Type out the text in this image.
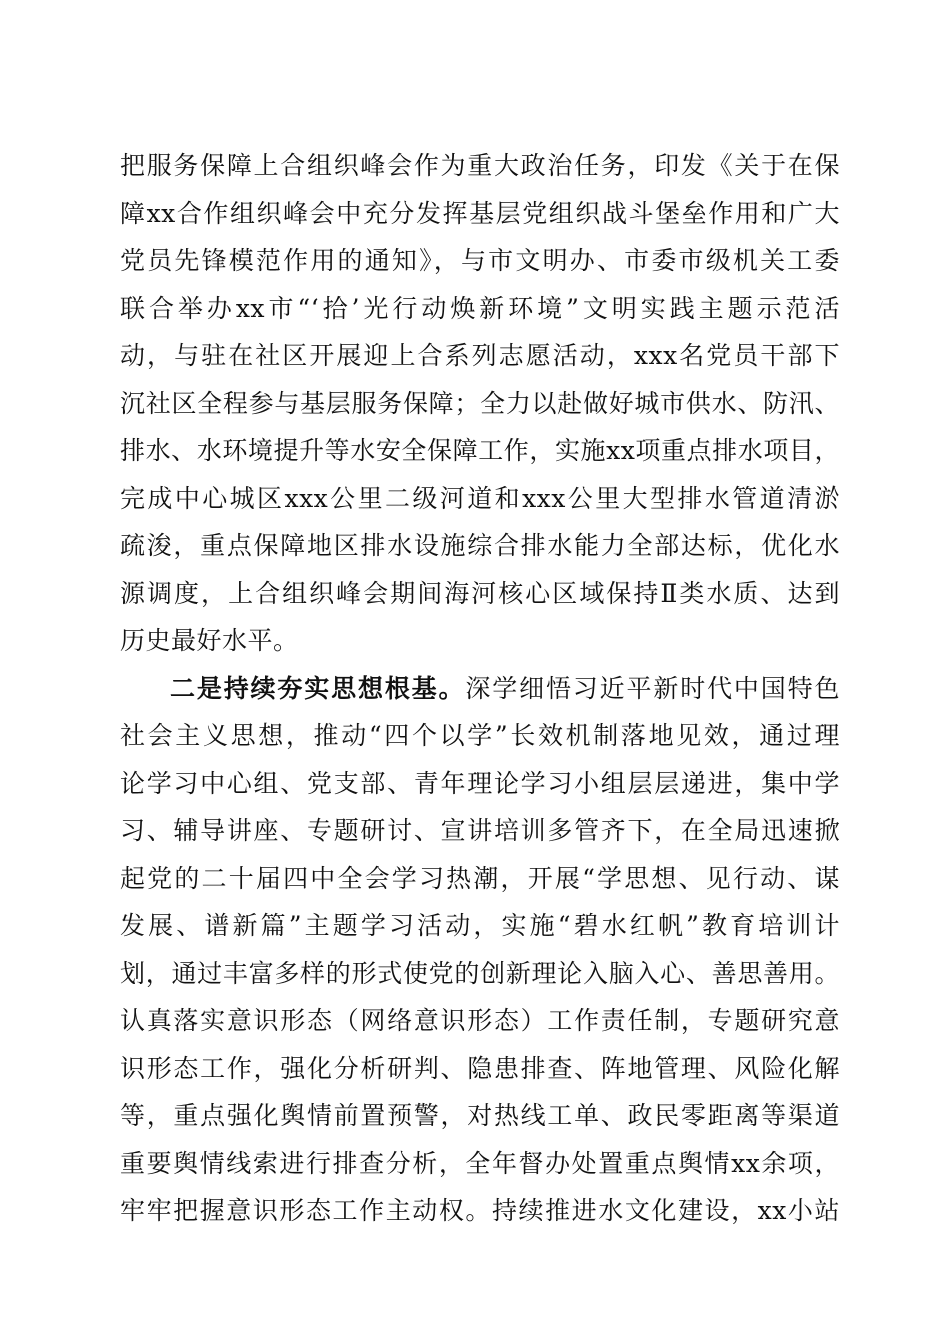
把服务保障上合组织峰会作为重大政治任务，印发《关于在保
障xx合作组织峰会中充分发挥基层党组织战斗堡垒作用和广大
党员先锋模范作用的通知》，与市文明办、市委市级机关工委
联合举办xx市“‘拾’光行动焕新环境”文明实践主题示范活
动，与驻在社区开展迎上合系列志愿活动，xxx名党员干部下
沉社区全程参与基层服务保障；全力以赴做好城市供水、防汛、
排水、水环境提升等水安全保障工作，实施xx项重点排水项目，
完成中心城区xxx公里二级河道和xxx公里大型排水管道清淤
疏浚，重点保障地区排水设施综合排水能力全部达标，优化水
源调度，上合组织峰会期间海河核心区域保持Ⅱ类水质、达到
历史最好水平。
二是持续夯实思想根基。深学细悟习近平新时代中国特色
社会主义思想，推动“四个以学”长效机制落地见效，通过理
论学习中心组、党支部、青年理论学习小组层层递进，集中学
习、辅导讲座、专题研讨、宣讲培训多管齐下，在全局迅速掀
起党的二十届四中全会学习热潮，开展“学思想、见行动、谋
发展、谱新篇”主题学习活动，实施“碧水红帆”教育培训计
划，通过丰富多样的形式使党的创新理论入脑入心、善思善用。
认真落实意识形态（网络意识形态）工作责任制，专题研究意
识形态工作，强化分析研判、隐患排查、阵地管理、风险化解
等，重点强化舆情前置预警，对热线工单、政民零距离等渠道
重要舆情线索进行排查分析，全年督办处置重点舆情xx余项，
牢牢把握意识形态工作主动权。持续推进水文化建设，xx小站
